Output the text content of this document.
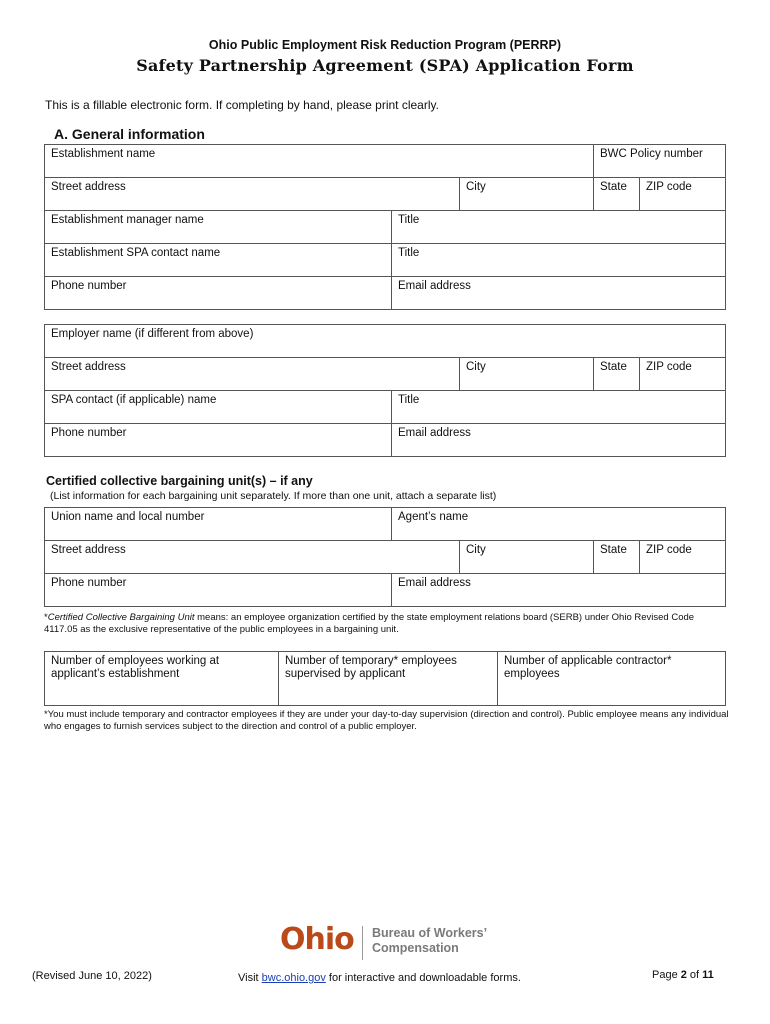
Ohio Public Employment Risk Reduction Program (PERRP)
Safety Partnership Agreement (SPA) Application Form
This is a fillable electronic form. If completing by hand, please print clearly.
A. General information
Establishment name			BWC Policy number	
Street address		City	State	ZIP code
Establishment manager name	Title			
Establishment SPA contact name	Title			
Phone number	Email address			
Employer name (if different from above)				
Street address		City	State	ZIP code
SPA contact (if applicable) name	Title			
Phone number	Email address			
Certified collective bargaining unit(s) – if any
(List information for each bargaining unit separately. If more than one unit, attach a separate list)
Union name and local number	Agent’s name			
Street address		City	State	ZIP code
Phone number	Email address			
*Certified Collective Bargaining Unit means: an employee organization certified by the state employment relations board (SERB) under Ohio Revised Code 4117.05 as the exclusive representative of the public employees in a bargaining unit.
Number of employees working at applicant’s establishment	Number of temporary* employees supervised by applicant	Number of applicable contractor* employees
*You must include temporary and contractor employees if they are under your day-to-day supervision (direction and control). Public employee means any individual who engages to furnish services subject to the direction and control of a public employer.
Ohio Bureau of Workers’
Compensation
(Revised June 10, 2022)	Visit bwc.ohio.gov for interactive and downloadable forms.	Page 2 of 11
